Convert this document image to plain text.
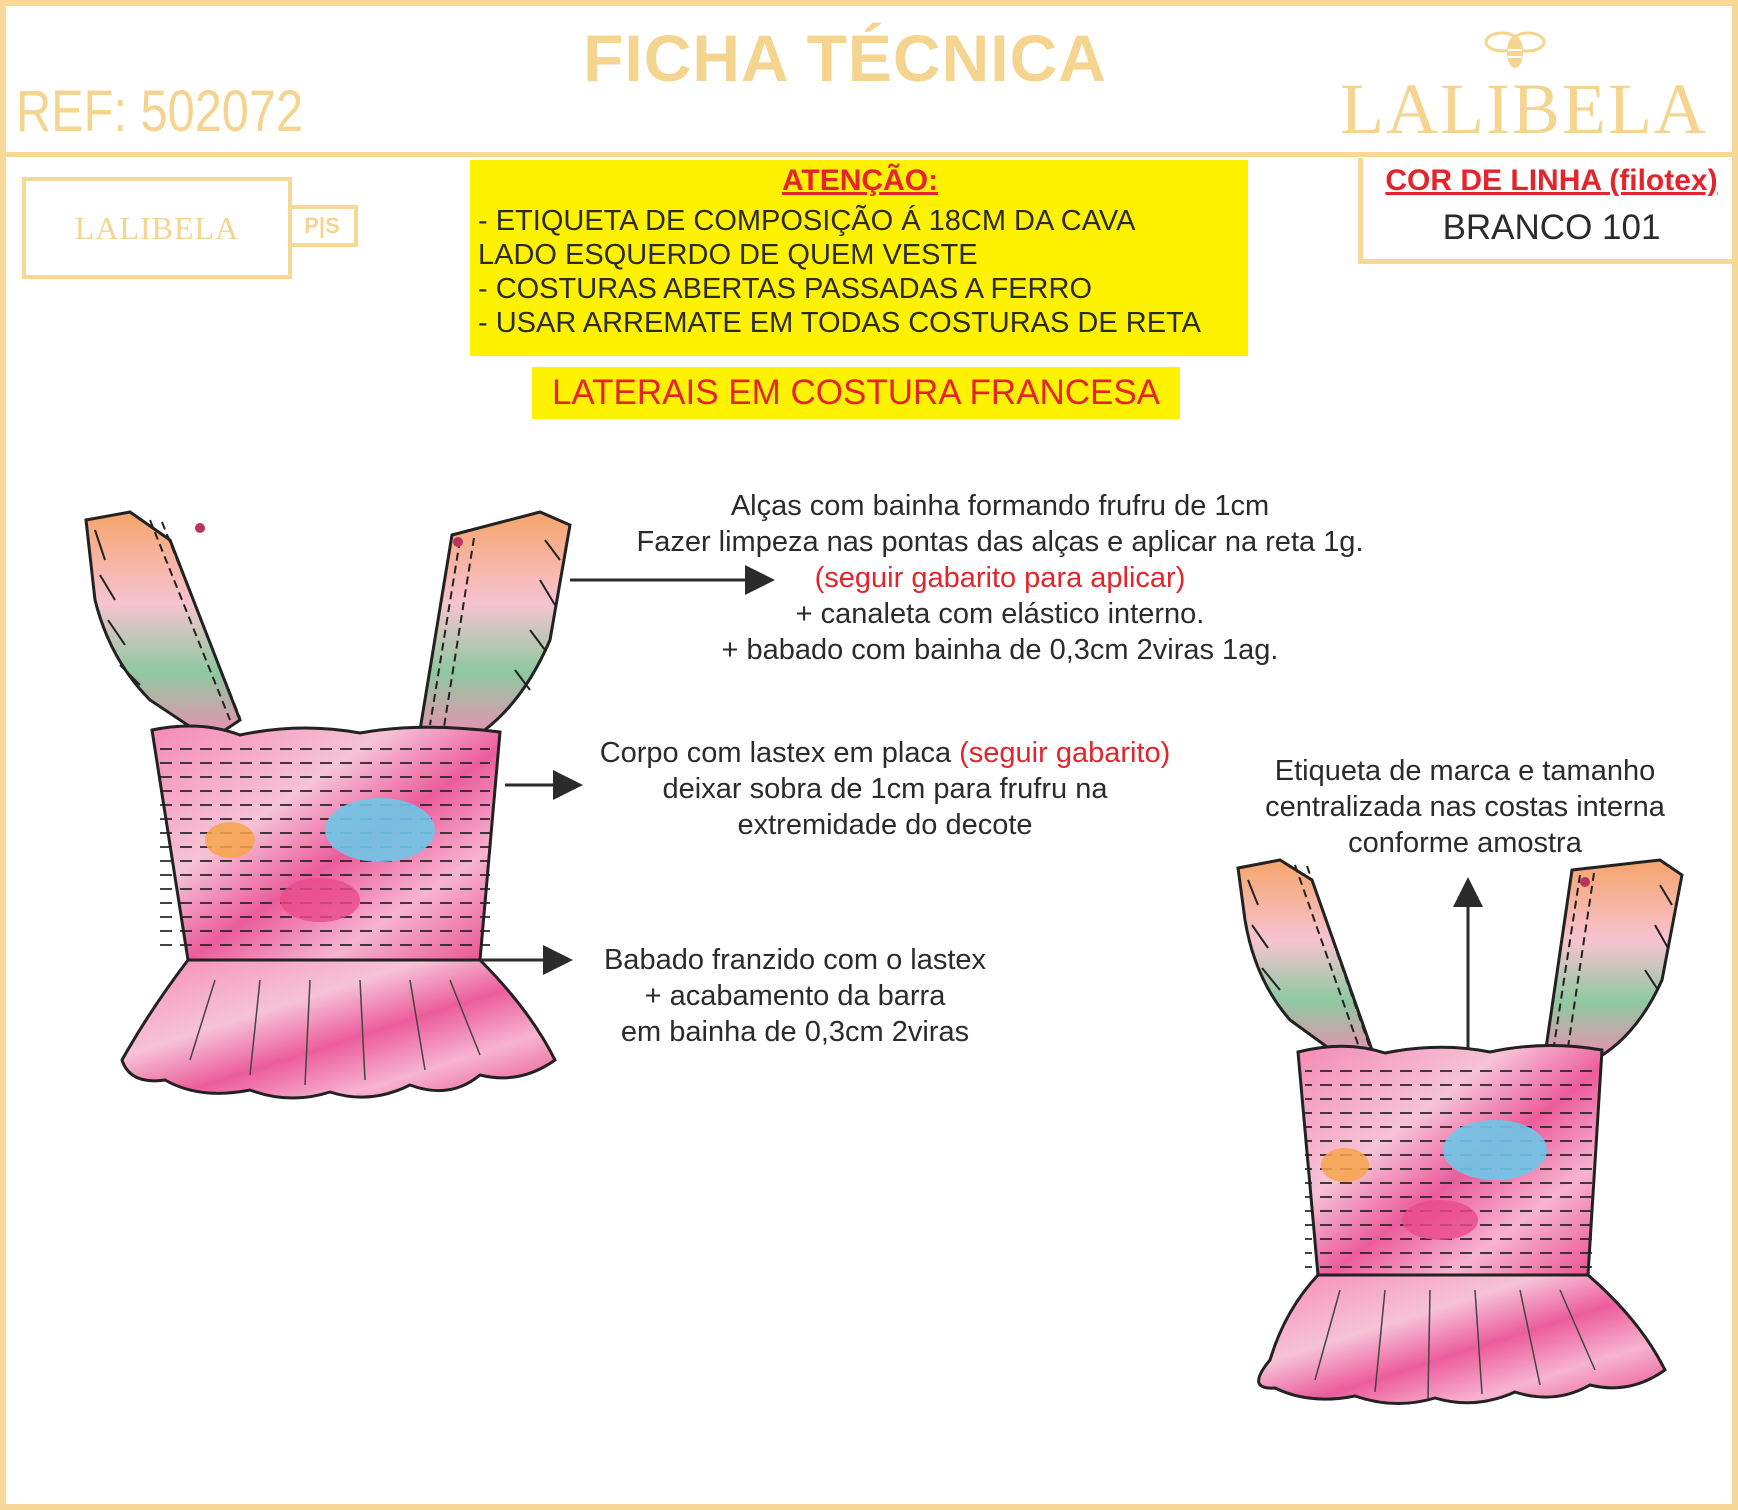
FICHA TÉCNICA
REF: 502072	LALIBELA
LALIBELA	P|S
ATENÇÃO:
- ETIQUETA DE COMPOSIÇÃO Á 18CM DA CAVA
LADO ESQUERDO DE QUEM VESTE
- COSTURAS ABERTAS PASSADAS A FERRO
- USAR ARREMATE EM TODAS COSTURAS DE RETA
LATERAIS EM COSTURA FRANCESA
COR DE LINHA (filotex)
BRANCO 101
Alças com bainha formando frufru de 1cm
Fazer limpeza nas pontas das alças e aplicar na reta 1g.
(seguir gabarito para aplicar)
+ canaleta com elástico interno.
+ babado com bainha de 0,3cm 2viras 1ag.
Corpo com lastex em placa (seguir gabarito)
deixar sobra de 1cm para frufru na
extremidade do decote
Babado franzido com o lastex
+ acabamento da barra
em bainha de 0,3cm 2viras
Etiqueta de marca e tamanho
centralizada nas costas interna
conforme amostra
